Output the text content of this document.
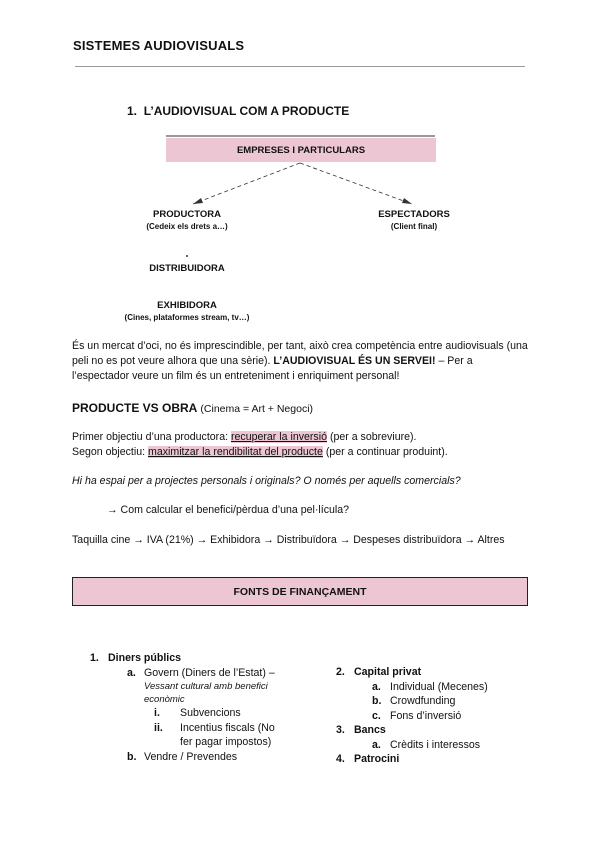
SISTEMES AUDIOVISUALS
1. L’AUDIOVISUAL COM A PRODUCTE
EMPRESES I PARTICULARS
PRODUCTORA
(Cedeix els drets a…)
ESPECTADORS
(Client final)
DISTRIBUIDORA
EXHIBIDORA
(Cines, plataformes stream, tv…)
És un mercat d’oci, no és imprescindible, per tant, això crea competència entre audiovisuals (una peli no es pot veure alhora que una sèrie). L’AUDIOVISUAL ÉS UN SERVEI! – Per a l’espectador veure un film és un entreteniment i enriquiment personal!
PRODUCTE VS OBRA (Cinema = Art + Negoci)
Primer objectiu d’una productora: recuperar la inversió (per a sobreviure).
Segon objectiu: maximitzar la rendibilitat del producte (per a continuar produint).
Hi ha espai per a projectes personals i originals? O només per aquells comercials?
→ Com calcular el benefici/pèrdua d’una pel·lícula?
Taquilla cine → IVA (21%) → Exhibidora → Distribuïdora → Despeses distribuïdora → Altres
FONTS DE FINANÇAMENT
1. Diners públics
a. Govern (Diners de l’Estat) –
Vessant cultural amb benefici econòmic
i. Subvencions
ii. Incentius fiscals (No
fer pagar impostos)
b. Vendre / Prevendes
2. Capital privat
a. Individual (Mecenes)
b. Crowdfunding
c. Fons d’inversió
3. Bancs
a. Crèdits i interessos
4. Patrocini
